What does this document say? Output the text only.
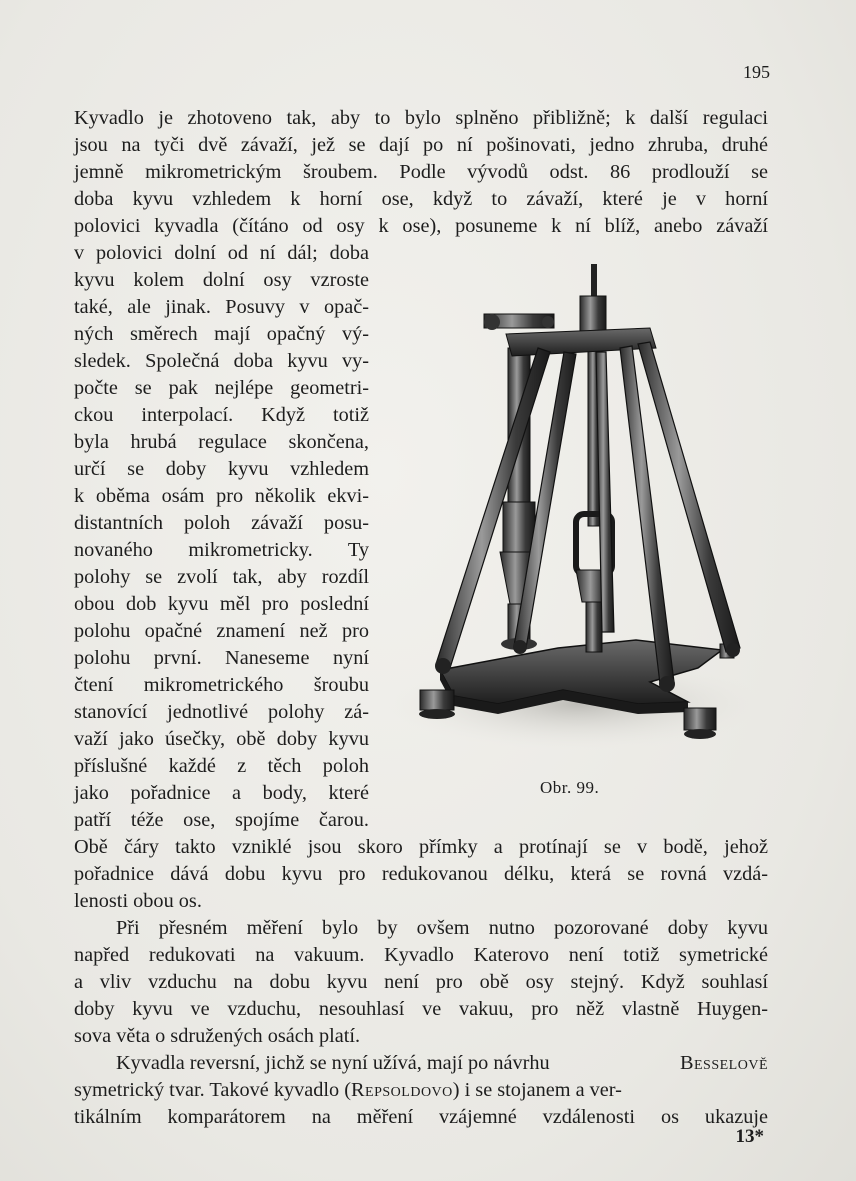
195
Kyvadlo je zhotoveno tak, aby to bylo splněno přibližně; k další regulaci
jsou na tyči dvě závaží, jež se dají po ní pošinovati, jedno zhruba, druhé
jemně mikrometrickým šroubem. Podle vývodů odst. 86 prodlouží se
doba kyvu vzhledem k horní ose, když to závaží, které je v horní
polovici kyvadla (čítáno od osy k ose), posuneme k ní blíž, anebo závaží
v polovici dolní od ní dál; doba
kyvu kolem dolní osy vzroste
také, ale jinak. Posuvy v opač-
ných směrech mají opačný vý-
sledek. Společná doba kyvu vy-
počte se pak nejlépe geometri-
ckou interpolací. Když totiž
byla hrubá regulace skončena,
určí se doby kyvu vzhledem
k oběma osám pro několik ekvi-
distantních poloh závaží posu-
novaného mikrometricky. Ty
polohy se zvolí tak, aby rozdíl
obou dob kyvu měl pro poslední
polohu opačné znamení než pro
polohu první. Naneseme nyní
čtení mikrometrického šroubu
stanovící jednotlivé polohy zá-
važí jako úsečky, obě doby kyvu
příslušné každé z těch poloh
jako pořadnice a body, které
patří téže ose, spojíme čarou.
Obě čáry takto vzniklé jsou skoro přímky a protínají se v bodě, jehož
pořadnice dává dobu kyvu pro redukovanou délku, která se rovná vzdá-
lenosti obou os.
Při přesném měření bylo by ovšem nutno pozorované doby kyvu
napřed redukovati na vakuum. Kyvadlo Katerovo není totiž symetrické
a vliv vzduchu na dobu kyvu není pro obě osy stejný. Když souhlasí
doby kyvu ve vzduchu, nesouhlasí ve vakuu, pro něž vlastně Huygen-
sova věta o sdružených osách platí.
Kyvadla reversní, jichž se nyní užívá, mají po návrhu	Besselově
symetrický tvar. Takové kyvadlo (Repsoldovo) i se stojanem a ver-
tikálním komparátorem na měření vzájemné vzdálenosti os ukazuje
13*
Obr. 99.
